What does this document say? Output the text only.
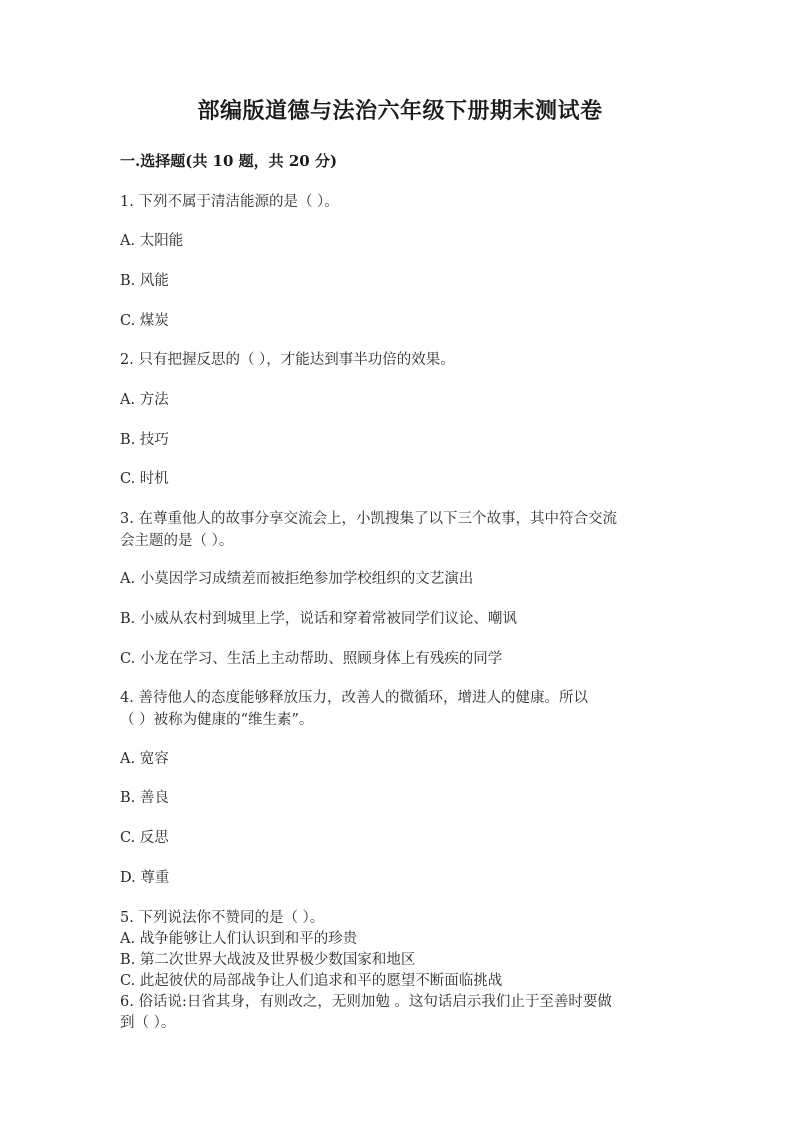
部编版道德与法治六年级下册期末测试卷
一.选择题(共 10 题，共 20 分)
1. 下列不属于清洁能源的是（ ）。
A. 太阳能
B. 风能
C. 煤炭
2. 只有把握反思的（ ），才能达到事半功倍的效果。
A. 方法
B. 技巧
C. 时机
3. 在尊重他人的故事分享交流会上，小凯搜集了以下三个故事，其中符合交流
会主题的是（ ）。
A. 小莫因学习成绩差而被拒绝参加学校组织的文艺演出
B. 小威从农村到城里上学，说话和穿着常被同学们议论、嘲讽
C. 小龙在学习、生活上主动帮助、照顾身体上有残疾的同学
4. 善待他人的态度能够释放压力，改善人的微循环，增进人的健康。所以
（ ）被称为健康的“维生素”。
A. 宽容
B. 善良
C. 反思
D. 尊重
5. 下列说法你不赞同的是（ ）。
A. 战争能够让人们认识到和平的珍贵
B. 第二次世界大战波及世界极少数国家和地区
C. 此起彼伏的局部战争让人们追求和平的愿望不断面临挑战
6. 俗话说:日省其身，有则改之，无则加勉 。这句话启示我们止于至善时要做
到（ ）。
